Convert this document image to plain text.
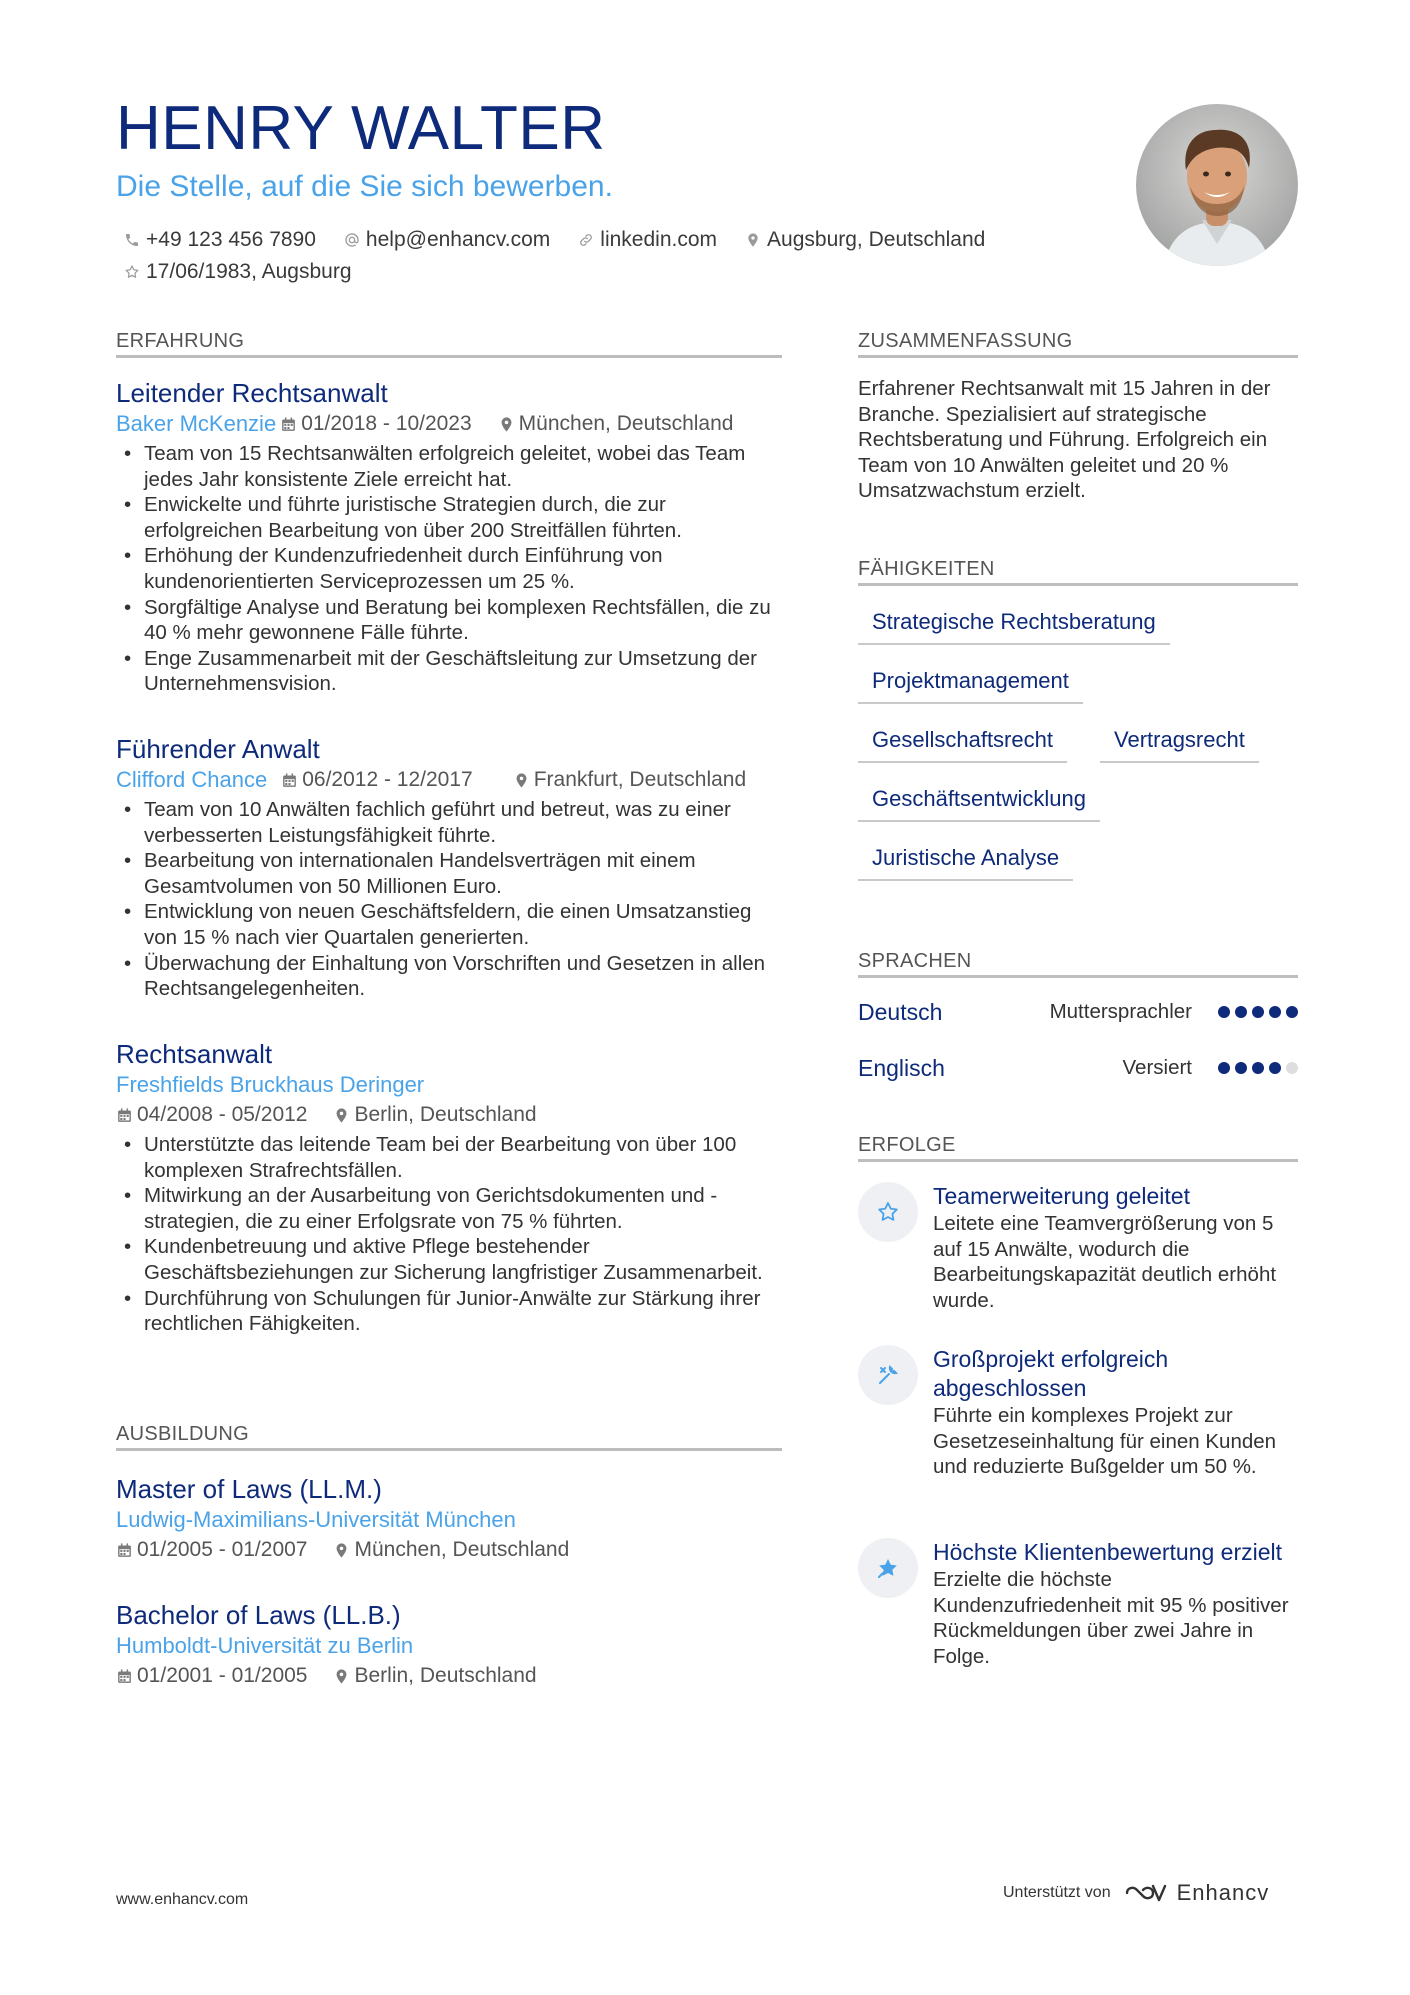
HENRY WALTER
Die Stelle, auf die Sie sich bewerben.
+49 123 456 7890 help@enhancv.com linkedin.com Augsburg, Deutschland
17/06/1983, Augsburg
ERFAHRUNG
Leitender Rechtsanwalt
Baker McKenzie 01/2018 - 10/2023 München, Deutschland
• Team von 15 Rechtsanwälten erfolgreich geleitet, wobei das Team jedes Jahr konsistente Ziele erreicht hat.
• Enwickelte und führte juristische Strategien durch, die zur erfolgreichen Bearbeitung von über 200 Streitfällen führten.
• Erhöhung der Kundenzufriedenheit durch Einführung von kundenorientierten Serviceprozessen um 25 %.
• Sorgfältige Analyse und Beratung bei komplexen Rechtsfällen, die zu 40 % mehr gewonnene Fälle führte.
• Enge Zusammenarbeit mit der Geschäftsleitung zur Umsetzung der Unternehmensvision.
Führender Anwalt
Clifford Chance 06/2012 - 12/2017	Frankfurt, Deutschland
• Team von 10 Anwälten fachlich geführt und betreut, was zu einer verbesserten Leistungsfähigkeit führte.
• Bearbeitung von internationalen Handelsverträgen mit einem Gesamtvolumen von 50 Millionen Euro.
• Entwicklung von neuen Geschäftsfeldern, die einen Umsatzanstieg von 15 % nach vier Quartalen generierten.
• Überwachung der Einhaltung von Vorschriften und Gesetzen in allen Rechtsangelegenheiten.
Rechtsanwalt
Freshfields Bruckhaus Deringer
04/2008 - 05/2012 Berlin, Deutschland
• Unterstützte das leitende Team bei der Bearbeitung von über 100 komplexen Strafrechtsfällen.
• Mitwirkung an der Ausarbeitung von Gerichtsdokumenten und -strategien, die zu einer Erfolgsrate von 75 % führten.
• Kundenbetreuung und aktive Pflege bestehender Geschäftsbeziehungen zur Sicherung langfristiger Zusammenarbeit.
• Durchführung von Schulungen für Junior-Anwälte zur Stärkung ihrer rechtlichen Fähigkeiten.
AUSBILDUNG
Master of Laws (LL.M.)
Ludwig-Maximilians-Universität München
01/2005 - 01/2007 München, Deutschland
Bachelor of Laws (LL.B.)
Humboldt-Universität zu Berlin
01/2001 - 01/2005 Berlin, Deutschland
ZUSAMMENFASSUNG
Erfahrener Rechtsanwalt mit 15 Jahren in der Branche. Spezialisiert auf strategische Rechtsberatung und Führung. Erfolgreich ein Team von 10 Anwälten geleitet und 20 % Umsatzwachstum erzielt.
FÄHIGKEITEN
Strategische Rechtsberatung
Projektmanagement
Gesellschaftsrecht	Vertragsrecht
Geschäftsentwicklung
Juristische Analyse
SPRACHEN
Deutsch	Muttersprachler
Englisch	Versiert
ERFOLGE
Teamerweiterung geleitet
Leitete eine Teamvergrößerung von 5 auf 15 Anwälte, wodurch die Bearbeitungskapazität deutlich erhöht wurde.
Großprojekt erfolgreich abgeschlossen
Führte ein komplexes Projekt zur Gesetzeseinhaltung für einen Kunden und reduzierte Bußgelder um 50 %.
Höchste Klientenbewertung erzielt
Erzielte die höchste Kundenzufriedenheit mit 95 % positiver Rückmeldungen über zwei Jahre in Folge.
www.enhancv.com	Unterstützt von	Enhancv
